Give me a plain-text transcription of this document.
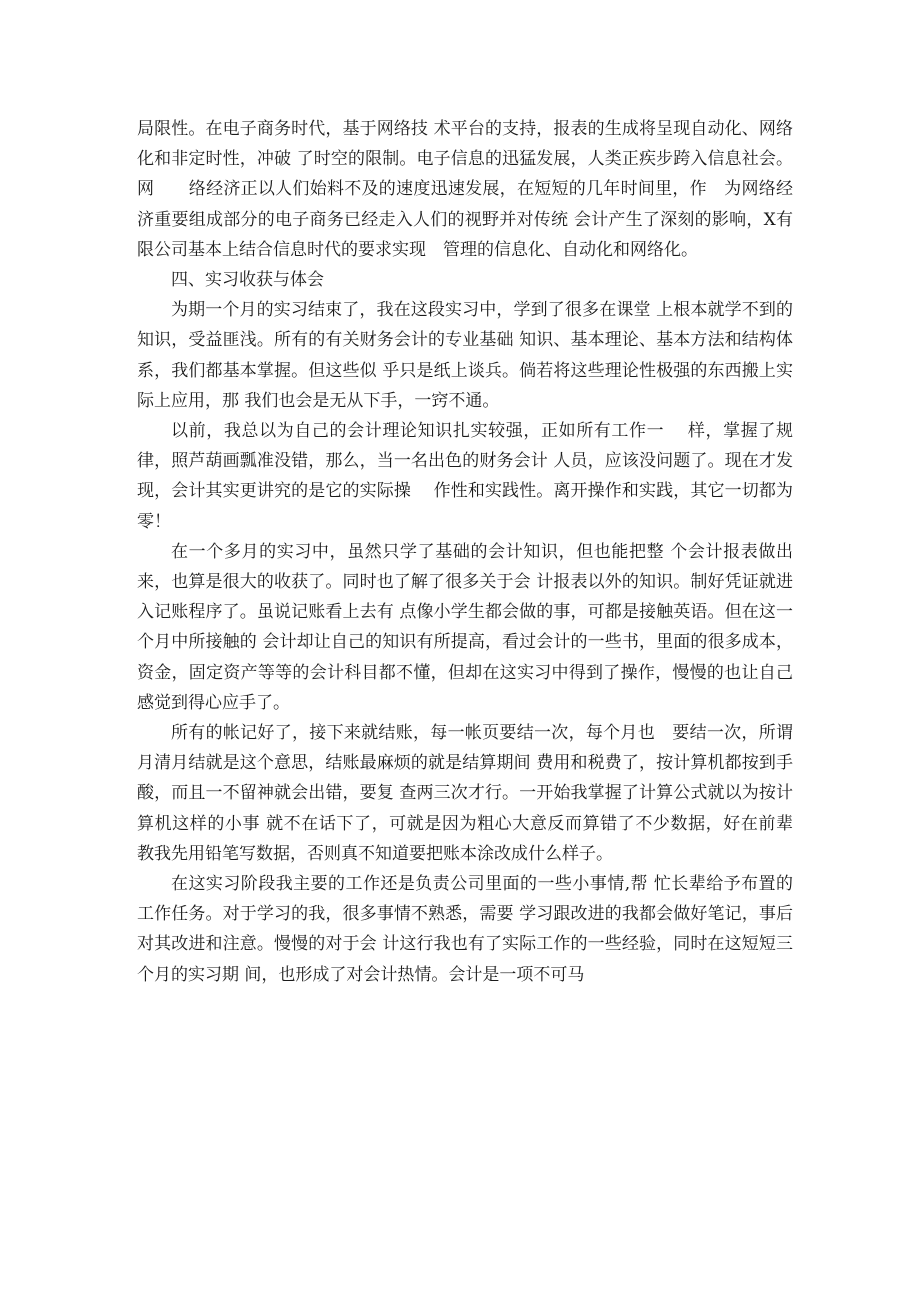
局限性。在电子商务时代，基于网络技 术平台的支持，报表的生成将呈现自动化、网络化和非定时性，冲破 了时空的限制。电子信息的迅猛发展，人类正疾步跨入信息社会。网　　络经济正以人们始料不及的速度迅速发展，在短短的几年时间里，作　为网络经济重要组成部分的电子商务已经走入人们的视野并对传统 会计产生了深刻的影响，X有限公司基本上结合信息时代的要求实现　管理的信息化、自动化和网络化。

四、实习收获与体会

为期一个月的实习结束了，我在这段实习中，学到了很多在课堂 上根本就学不到的知识，受益匪浅。所有的有关财务会计的专业基础 知识、基本理论、基本方法和结构体系，我们都基本掌握。但这些似 乎只是纸上谈兵。倘若将这些理论性极强的东西搬上实际上应用，那 我们也会是无从下手，一窍不通。

以前，我总以为自己的会计理论知识扎实较强，正如所有工作一　 样，掌握了规律，照芦葫画瓢准没错，那么，当一名出色的财务会计 人员，应该没问题了。现在才发现，会计其实更讲究的是它的实际操　 作性和实践性。离开操作和实践，其它一切都为零！

在一个多月的实习中，虽然只学了基础的会计知识，但也能把整 个会计报表做出来，也算是很大的收获了。同时也了解了很多关于会 计报表以外的知识。制好凭证就进入记账程序了。虽说记账看上去有 点像小学生都会做的事，可都是接触英语。但在这一个月中所接触的 会计却让自己的知识有所提高，看过会计的一些书，里面的很多成本， 资金，固定资产等等的会计科目都不懂，但却在这实习中得到了操作，慢慢的也让自己感觉到得心应手了。

所有的帐记好了，接下来就结账，每一帐页要结一次，每个月也　要结一次，所谓月清月结就是这个意思，结账最麻烦的就是结算期间 费用和税费了，按计算机都按到手酸，而且一不留神就会出错，要复 查两三次才行。一开始我掌握了计算公式就以为按计算机这样的小事 就不在话下了，可就是因为粗心大意反而算错了不少数据，好在前辈 教我先用铅笔写数据，否则真不知道要把账本涂改成什么样子。

在这实习阶段我主要的工作还是负责公司里面的一些小事情,帮 忙长辈给予布置的工作任务。对于学习的我，很多事情不熟悉，需要 学习跟改进的我都会做好笔记，事后对其改进和注意。慢慢的对于会 计这行我也有了实际工作的一些经验，同时在这短短三个月的实习期 间，也形成了对会计热情。会计是一项不可马
